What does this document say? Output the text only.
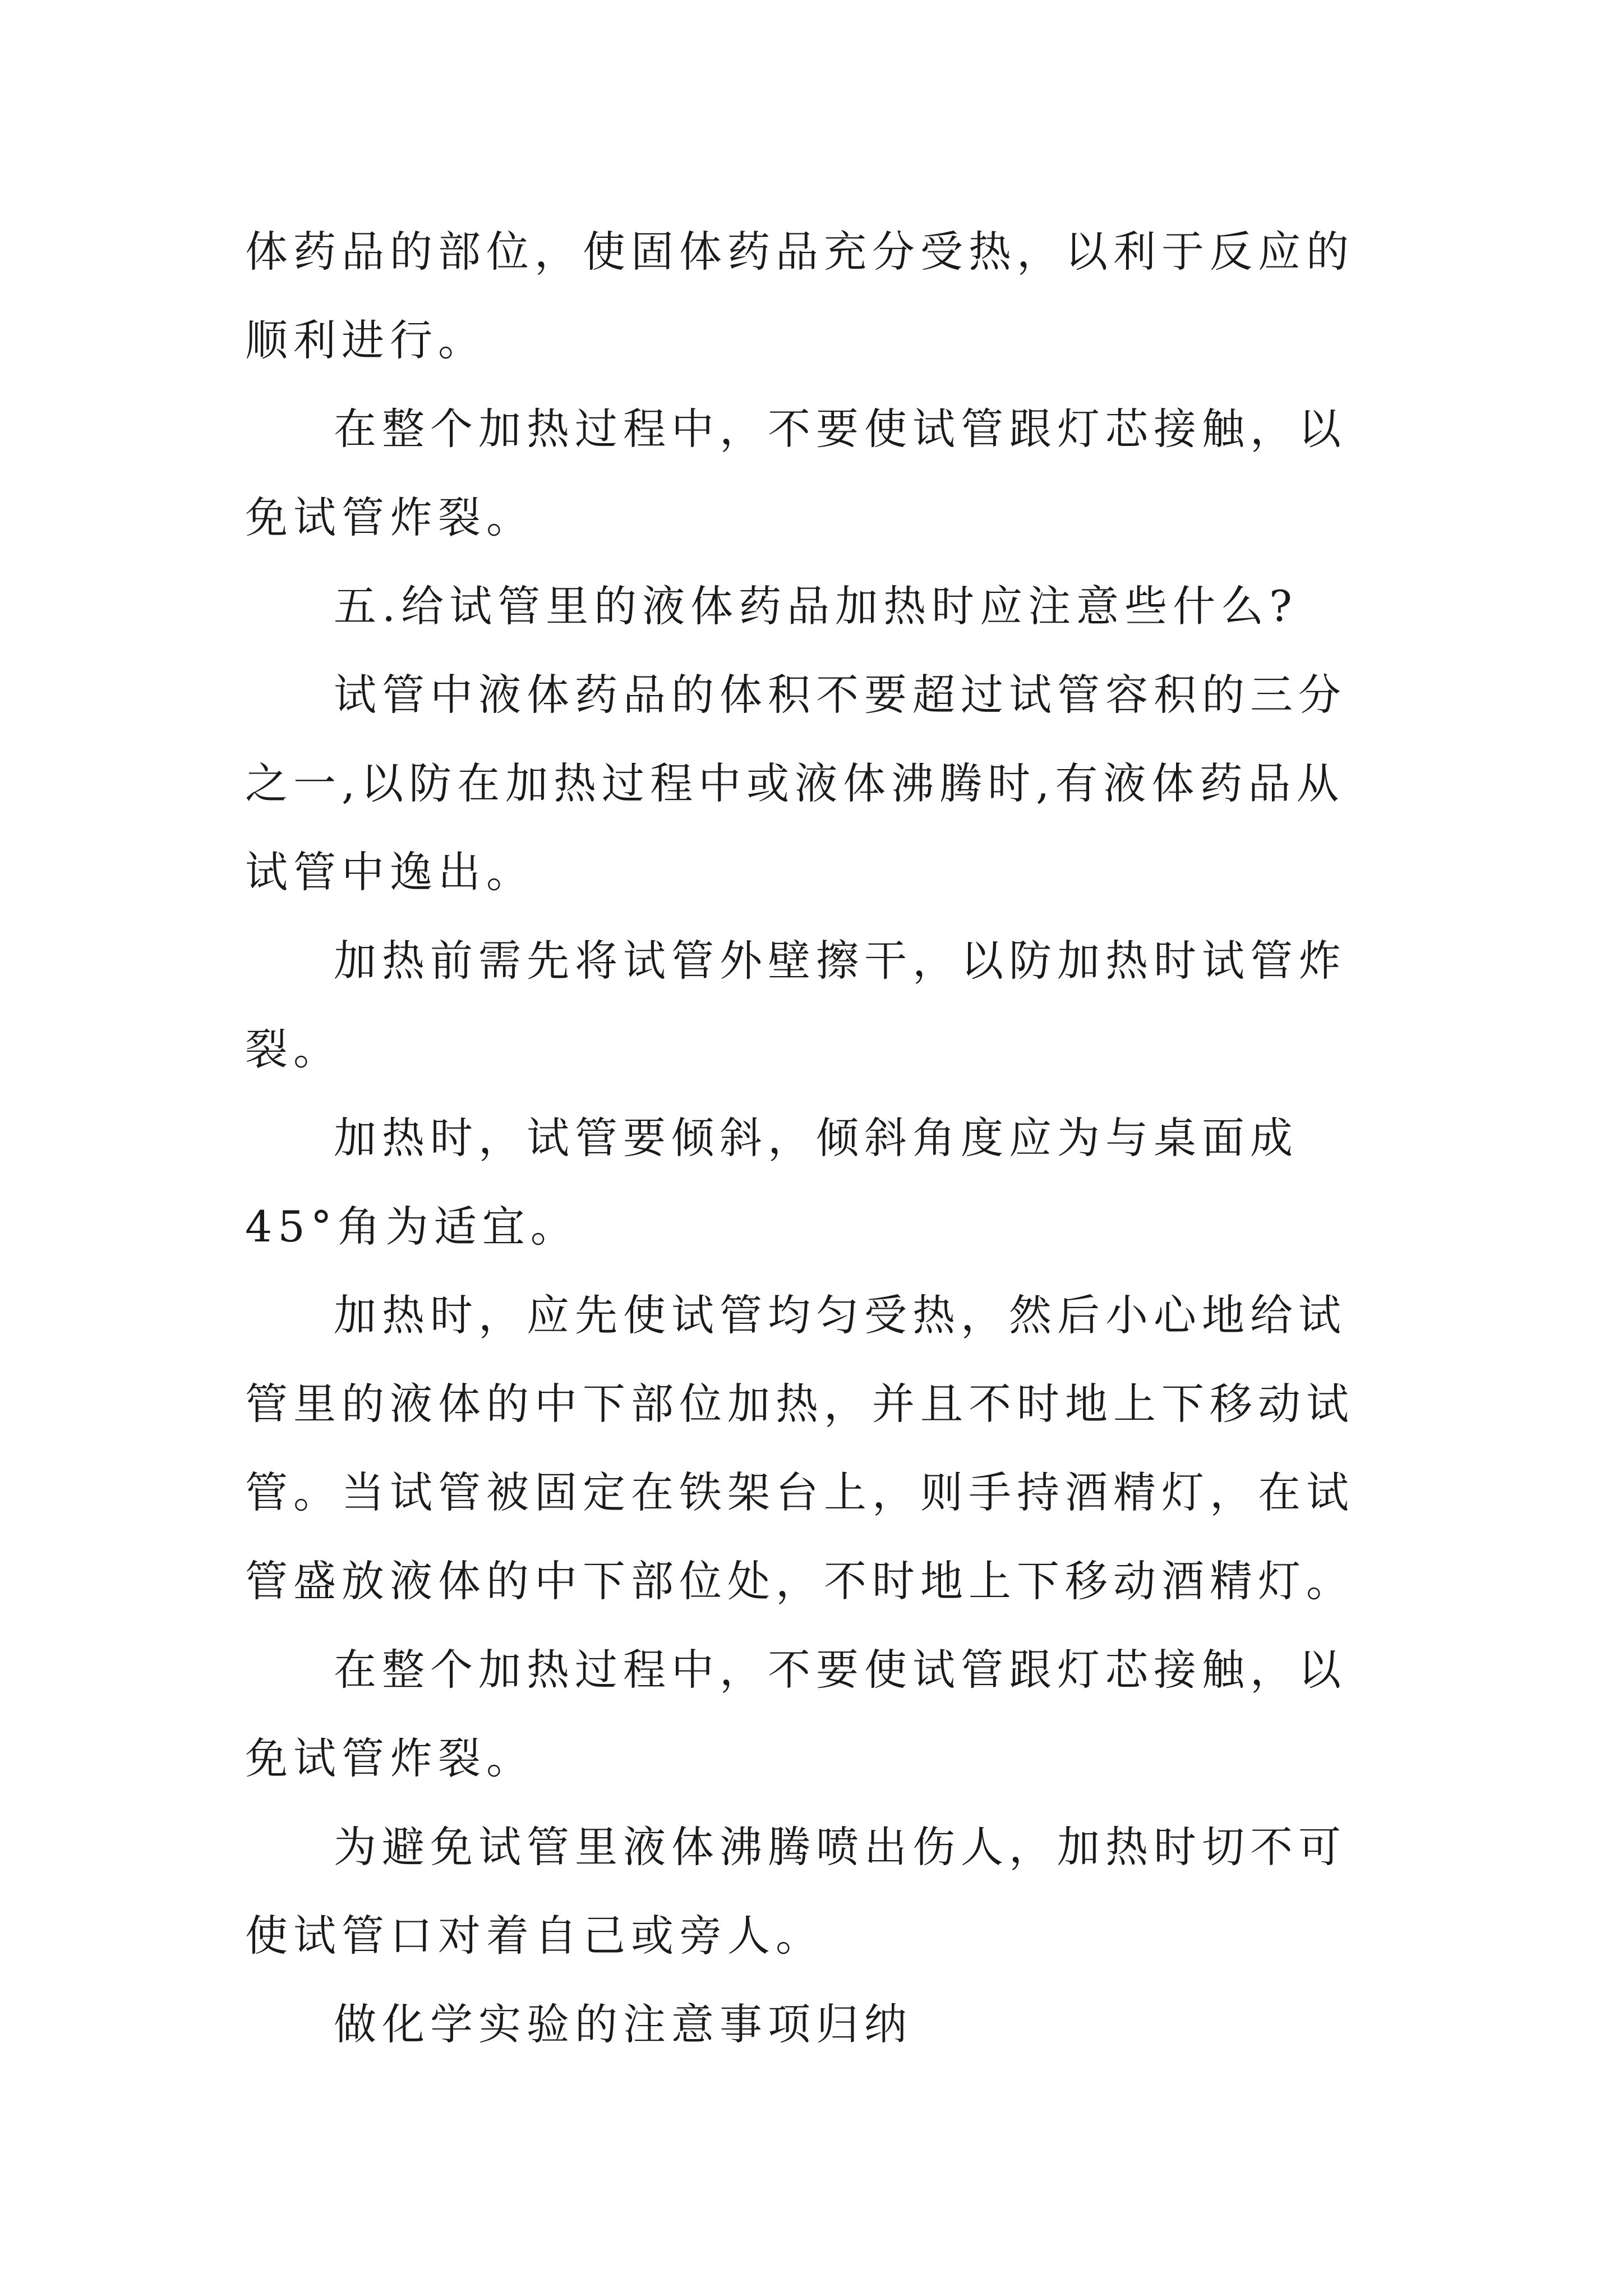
体药品的部位，使固体药品充分受热，以利于反应的顺利进行。

在整个加热过程中，不要使试管跟灯芯接触，以免试管炸裂。

五.给试管里的液体药品加热时应注意些什么?

试管中液体药品的体积不要超过试管容积的三分之一,以防在加热过程中或液体沸腾时,有液体药品从试管中逸出。

加热前需先将试管外壁擦干，以防加热时试管炸裂。

加热时，试管要倾斜，倾斜角度应为与桌面成45°角为适宜。

加热时，应先使试管均匀受热，然后小心地给试管里的液体的中下部位加热，并且不时地上下移动试管。当试管被固定在铁架台上，则手持酒精灯，在试管盛放液体的中下部位处，不时地上下移动酒精灯。

在整个加热过程中，不要使试管跟灯芯接触，以免试管炸裂。

为避免试管里液体沸腾喷出伤人，加热时切不可使试管口对着自己或旁人。

做化学实验的注意事项归纳
